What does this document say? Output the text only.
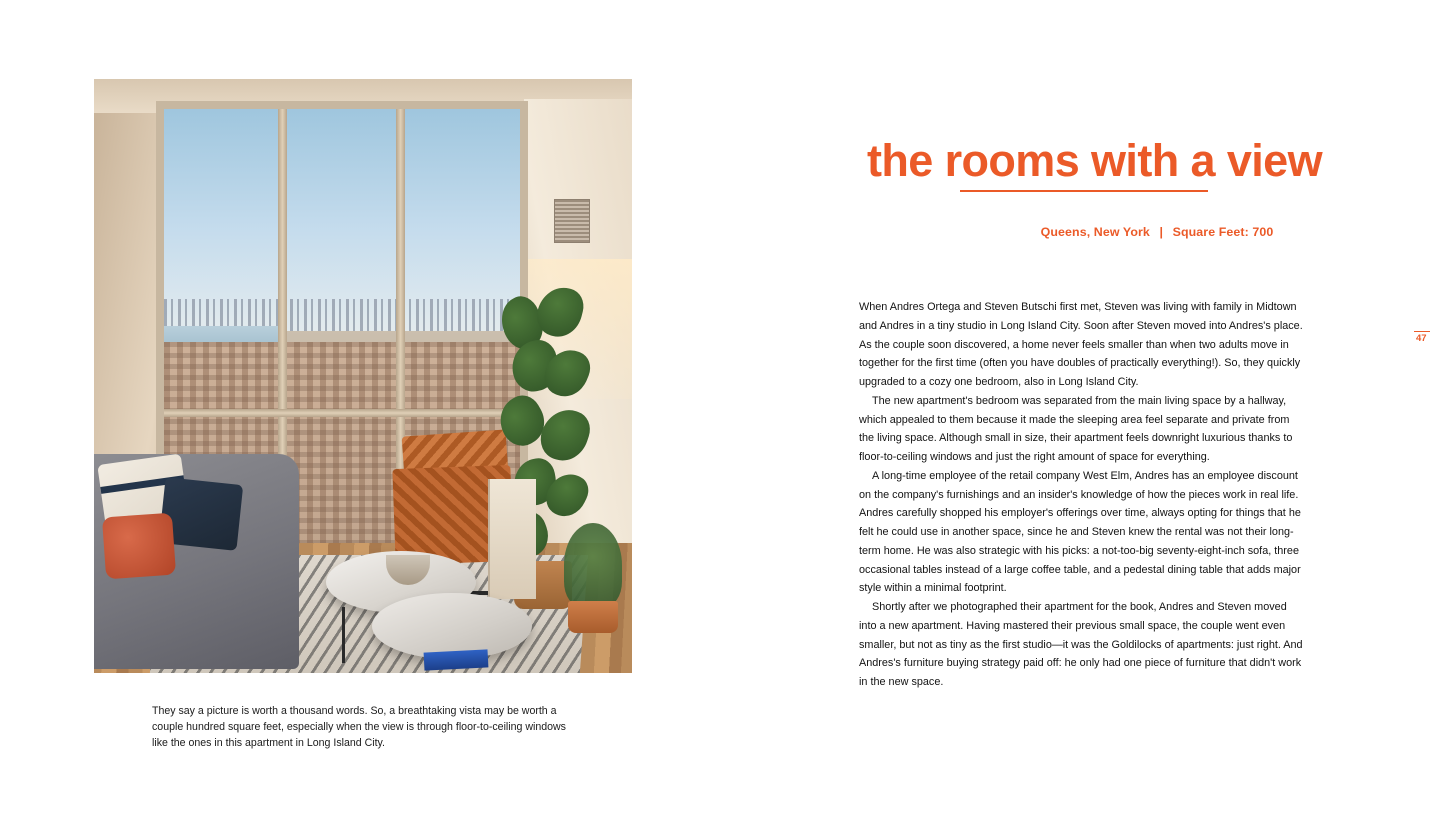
They say a picture is worth a thousand words. So, a breathtaking vista may be worth a couple hundred square feet, especially when the view is through floor-to-ceiling windows like the ones in this apartment in Long Island City.
the rooms with a view
Queens, New York | Square Feet: 700

When Andres Ortega and Steven Butschi first met, Steven was living with family in Midtown and Andres in a tiny studio in Long Island City. Soon after Steven moved into Andres's place. As the couple soon discovered, a home never feels smaller than when two adults move in together for the first time (often you have doubles of practically everything!). So, they quickly upgraded to a cozy one bedroom, also in Long Island City.

The new apartment's bedroom was separated from the main living space by a hallway, which appealed to them because it made the sleeping area feel separate and private from the living space. Although small in size, their apartment feels downright luxurious thanks to floor-to-ceiling windows and just the right amount of space for everything.

A long-time employee of the retail company West Elm, Andres has an employee discount on the company's furnishings and an insider's knowledge of how the pieces work in real life. Andres carefully shopped his employer's offerings over time, always opting for things that he felt he could use in another space, since he and Steven knew the rental was not their long-term home. He was also strategic with his picks: a not-too-big seventy-eight-inch sofa, three occasional tables instead of a large coffee table, and a pedestal dining table that adds major style within a minimal footprint.

Shortly after we photographed their apartment for the book, Andres and Steven moved into a new apartment. Having mastered their previous small space, the couple went even smaller, but not as tiny as the first studio—it was the Goldilocks of apartments: just right. And Andres's furniture buying strategy paid off: he only had one piece of furniture that didn't work in the new space.

47
